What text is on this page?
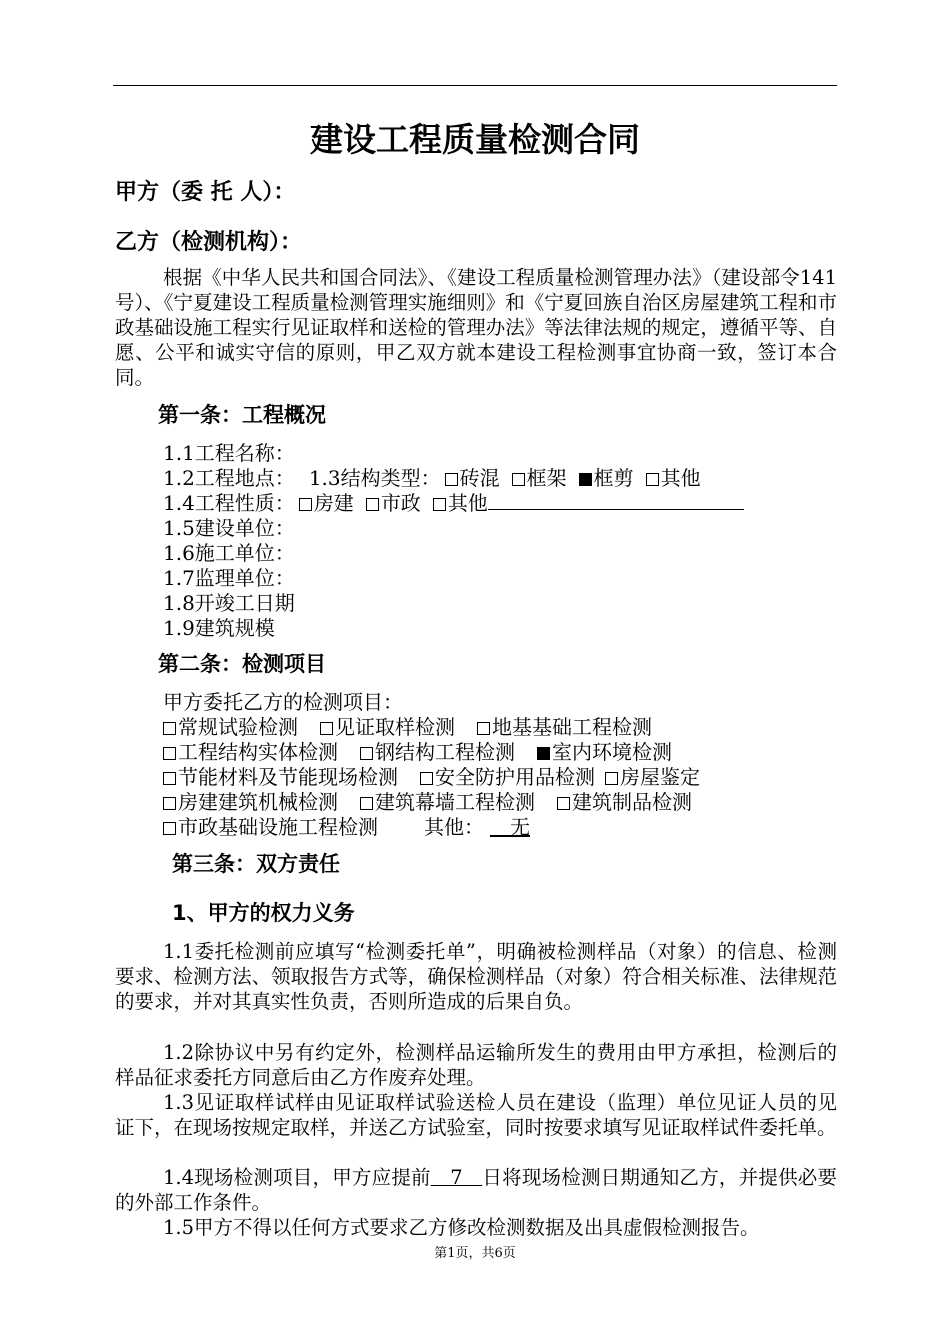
建设工程质量检测合同
甲方（委 托 人）：
乙方（检测机构）：
根据《中华人民共和国合同法》、《建设工程质量检测管理办法》（建设部令141号）、《宁夏建设工程质量检测管理实施细则》和《宁夏回族自治区房屋建筑工程和市政基础设施工程实行见证取样和送检的管理办法》等法律法规的规定，遵循平等、自愿、公平和诚实守信的原则，甲乙双方就本建设工程检测事宜协商一致，签订本合同。
第一条：工程概况
1.1工程名称：
1.2工程地点： 1.3结构类型： 砖混 框架 框剪 其他
1.4工程性质： 房建 市政 其他
1.5建设单位：
1.6施工单位：
1.7监理单位：
1.8开竣工日期
1.9建筑规模
第二条：检测项目
甲方委托乙方的检测项目：
常规试验检测 见证取样检测 地基基础工程检测
工程结构实体检测 钢结构工程检测 室内环境检测
节能材料及节能现场检测 安全防护用品检测 房屋鉴定
房建建筑机械检测 建筑幕墙工程检测 建筑制品检测
市政基础设施工程检测 其他：  无
第三条：双方责任
1、甲方的权力义务
1.1委托检测前应填写“检测委托单”，明确被检测样品（对象）的信息、检测要求、检测方法、领取报告方式等，确保检测样品（对象）符合相关标准、法律规范的要求，并对其真实性负责，否则所造成的后果自负。
1.2除协议中另有约定外，检测样品运输所发生的费用由甲方承担，检测后的样品征求委托方同意后由乙方作废弃处理。
1.3见证取样试样由见证取样试验送检人员在建设（监理）单位见证人员的见证下，在现场按规定取样，并送乙方试验室，同时按要求填写见证取样试件委托单。
1.4现场检测项目，甲方应提前  7  日将现场检测日期通知乙方，并提供必要的外部工作条件。
1.5甲方不得以任何方式要求乙方修改检测数据及出具虚假检测报告。
第1页，共6页
